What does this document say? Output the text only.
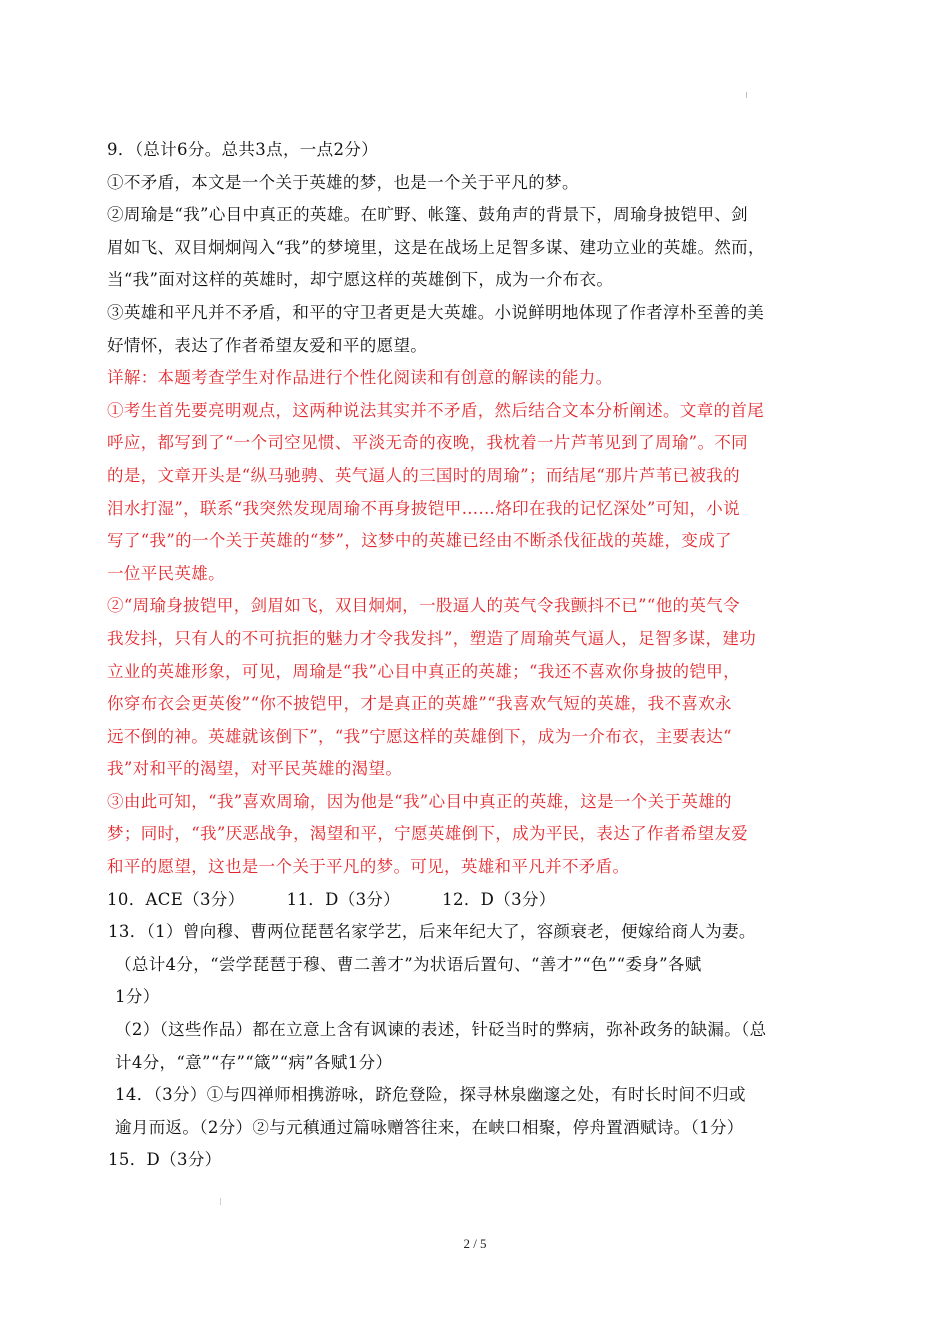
9．（总计6分。总共3点，一点2分）
①不矛盾，本文是一个关于英雄的梦，也是一个关于平凡的梦。
②周瑜是“我”心目中真正的英雄。在旷野、帐篷、鼓角声的背景下，周瑜身披铠甲、剑
眉如飞、双目炯炯闯入“我”的梦境里，这是在战场上足智多谋、建功立业的英雄。然而，
当“我”面对这样的英雄时，却宁愿这样的英雄倒下，成为一介布衣。
③英雄和平凡并不矛盾，和平的守卫者更是大英雄。小说鲜明地体现了作者淳朴至善的美
好情怀，表达了作者希望友爱和平的愿望。
详解：本题考查学生对作品进行个性化阅读和有创意的解读的能力。
①考生首先要亮明观点，这两种说法其实并不矛盾，然后结合文本分析阐述。文章的首尾
呼应，都写到了“一个司空见惯、平淡无奇的夜晚，我枕着一片芦苇见到了周瑜”。不同
的是，文章开头是“纵马驰骋、英气逼人的三国时的周瑜”；而结尾“那片芦苇已被我的
泪水打湿”，联系“我突然发现周瑜不再身披铠甲……烙印在我的记忆深处”可知，小说
写了“我”的一个关于英雄的“梦”，这梦中的英雄已经由不断杀伐征战的英雄，变成了
一位平民英雄。
②“周瑜身披铠甲，剑眉如飞，双目炯炯，一股逼人的英气令我颤抖不已”“他的英气令
我发抖，只有人的不可抗拒的魅力才令我发抖”，塑造了周瑜英气逼人，足智多谋，建功
立业的英雄形象，可见，周瑜是“我”心目中真正的英雄；“我还不喜欢你身披的铠甲，
你穿布衣会更英俊”“你不披铠甲，才是真正的英雄”“我喜欢气短的英雄，我不喜欢永
远不倒的神。英雄就该倒下”，“我”宁愿这样的英雄倒下，成为一介布衣，主要表达“
我”对和平的渴望，对平民英雄的渴望。
③由此可知，“我”喜欢周瑜，因为他是“我”心目中真正的英雄，这是一个关于英雄的
梦；同时，“我”厌恶战争，渴望和平，宁愿英雄倒下，成为平民，表达了作者希望友爱
和平的愿望，这也是一个关于平凡的梦。可见，英雄和平凡并不矛盾。
10．ACE（3分）	11．D（3分）	12．D（3分）
13．（1）曾向穆、曹两位琵琶名家学艺，后来年纪大了，容颜衰老，便嫁给商人为妻。
（总计4分，“尝学琵琶于穆、曹二善才”为状语后置句、“善才”“色”“委身”各赋
1分）
（2）（这些作品）都在立意上含有讽谏的表述，针砭当时的弊病，弥补政务的缺漏。（总
计4分，“意”“存”“箴”“病”各赋1分）
14．（3分）①与四禅师相携游咏，跻危登险，探寻林泉幽邃之处，有时长时间不归或
逾月而返。（2分）②与元稹通过篇咏赠答往来，在峡口相聚，停舟置酒赋诗。（1分）
15．D（3分）
2 / 5
